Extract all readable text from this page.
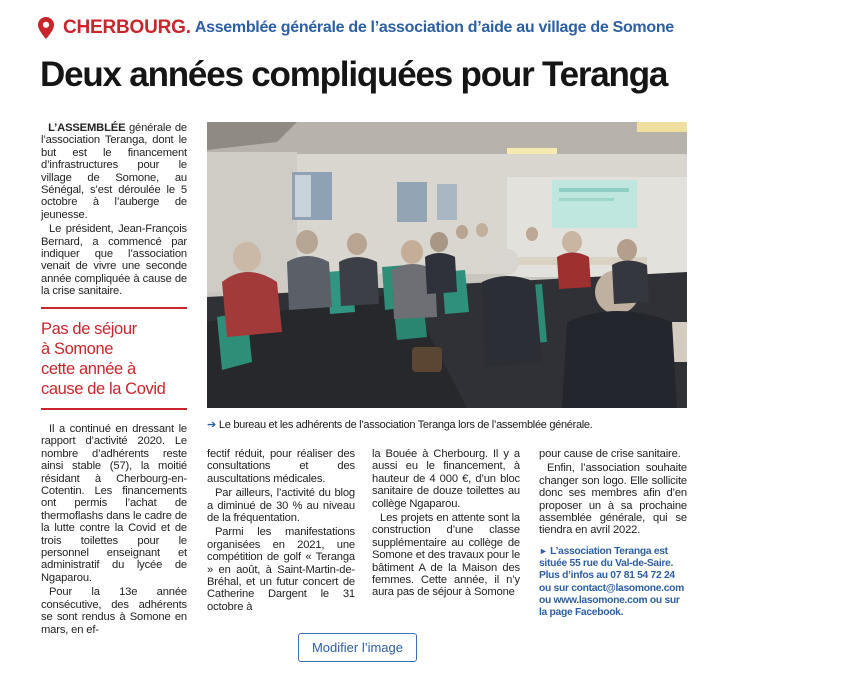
CHERBOURG. Assemblée générale de l’association d’aide au village de Somone
Deux années compliquées pour Teranga

L’ASSEMBLÉE générale de l’association Teranga, dont le but est le financement d’infrastructures pour le village de Somone, au Sénégal, s’est déroulée le 5 octobre à l’auberge de jeunesse.

Le président, Jean-François Bernard, a commencé par indiquer que l’association venait de vivre une seconde année compliquée à cause de la crise sanitaire.

Pas de séjour
à Somone
cette année à
cause de la Covid

Il a continué en dressant le rapport d’activité 2020. Le nombre d’adhérents reste ainsi stable (57), la moitié résidant à Cherbourg-en-Cotentin. Les financements ont permis l’achat de thermoflashs dans le cadre de la lutte contre la Covid et de trois toilettes pour le personnel enseignant et administratif du lycée de Ngaparou.

Pour la 13e année consécutive, des adhérents se sont rendus à Somone en mars, en ef-

➔ Le bureau et les adhérents de l’association Teranga lors de l’assemblée générale.

fectif réduit, pour réaliser des consultations et des auscultations médicales.

Par ailleurs, l’activité du blog a diminué de 30 % au niveau de la fréquentation.

Parmi les manifestations organisées en 2021, une compétition de golf « Teranga » en août, à Saint-Martin-de-Bréhal, et un futur concert de Catherine Dargent le 31 octobre à

la Bouée à Cherbourg. Il y a aussi eu le financement, à hauteur de 4 000 €, d’un bloc sanitaire de douze toilettes au collège Ngaparou.

Les projets en attente sont la construction d’une classe supplémentaire au collège de Somone et des travaux pour le bâtiment A de la Maison des femmes. Cette année, il n’y aura pas de séjour à Somone

pour cause de crise sanitaire.

Enfin, l’association souhaite changer son logo. Elle sollicite donc ses membres afin d’en proposer un à sa prochaine assemblée générale, qui se tiendra en avril 2022.

► L’association Teranga est située 55 rue du Val-de-Saire. Plus d’infos au 07 81 54 72 24 ou sur contact@lasomone.com ou www.lasomone.com ou sur la page Facebook.
Modifier l’image
